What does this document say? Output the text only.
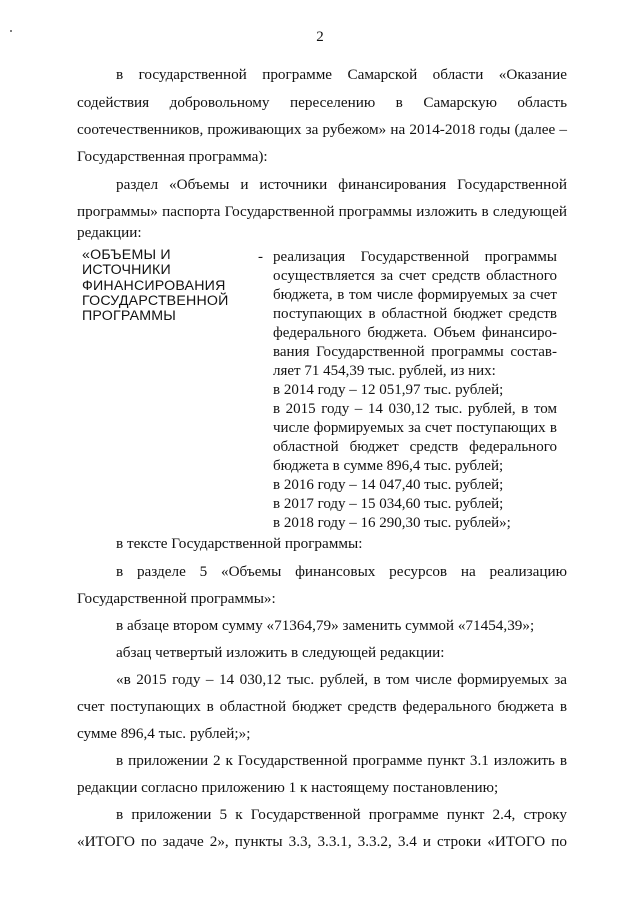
2
в государственной программе Самарской области «Оказание
содействия добровольному переселению в Самарскую область
соотечественников, проживающих за рубежом» на 2014-2018 годы (далее –
Государственная программа):
раздел «Объемы и источники финансирования Государственной
программы» паспорта Государственной программы изложить в следующей
редакции:
«ОБЪЕМЫ И
ИСТОЧНИКИ
ФИНАНСИРОВАНИЯ
ГОСУДАРСТВЕННОЙ
ПРОГРАММЫ
- реализация Государственной программы
осуществляется за счет средств областного
бюджета, в том числе формируемых за счет
поступающих в областной бюджет средств
федерального бюджета. Объем финансиро-
вания Государственной программы состав-
ляет 71 454,39 тыс. рублей, из них:
в 2014 году – 12 051,97 тыс. рублей;
в 2015 году – 14 030,12 тыс. рублей, в том
числе формируемых за счет поступающих в
областной бюджет средств федерального
бюджета в сумме 896,4 тыс. рублей;
в 2016 году – 14 047,40 тыс. рублей;
в 2017 году – 15 034,60 тыс. рублей;
в 2018 году – 16 290,30 тыс. рублей»;
в тексте Государственной программы:
в разделе 5 «Объемы финансовых ресурсов на реализацию
Государственной программы»:
в абзаце втором сумму «71364,79» заменить суммой «71454,39»;
абзац четвертый изложить в следующей редакции:
«в 2015 году – 14 030,12 тыс. рублей, в том числе формируемых за
счет поступающих в областной бюджет средств федерального бюджета в
сумме 896,4 тыс. рублей;»;
в приложении 2 к Государственной программе пункт 3.1 изложить в
редакции согласно приложению 1 к настоящему постановлению;
в приложении 5 к Государственной программе пункт 2.4, строку
«ИТОГО по задаче 2», пункты 3.3, 3.3.1, 3.3.2, 3.4 и строки «ИТОГО по
